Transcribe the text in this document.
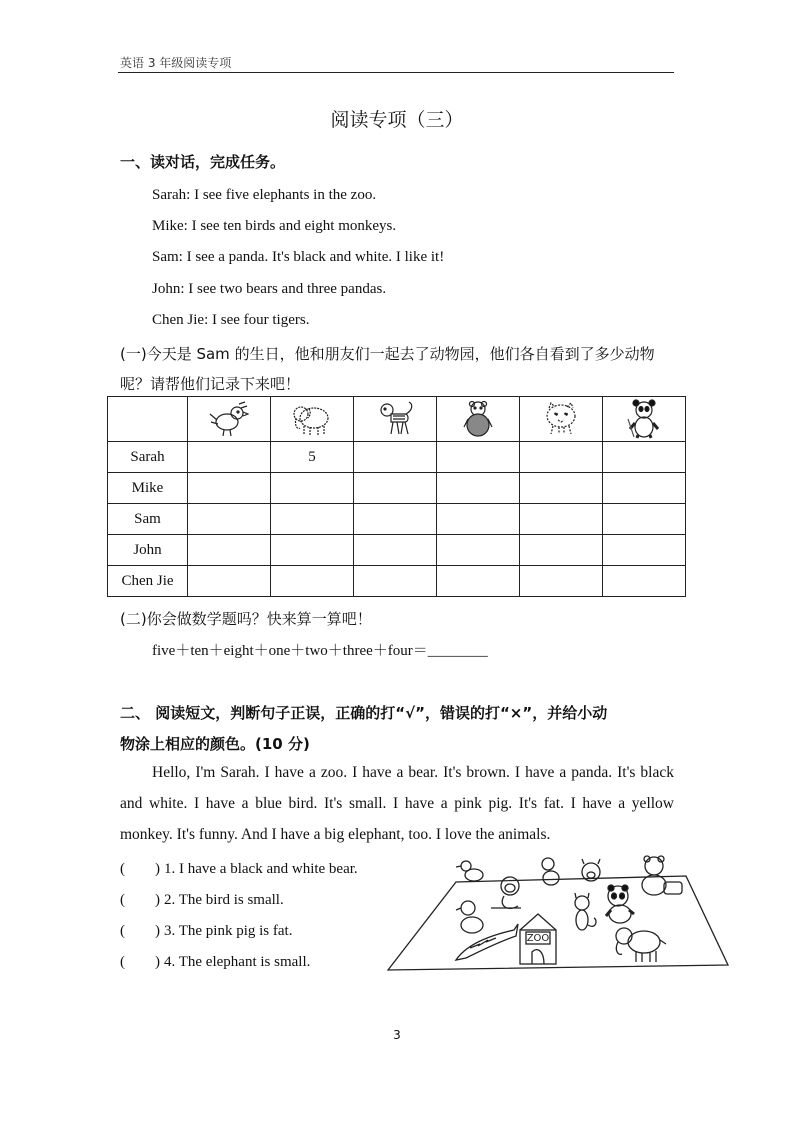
英语 3 年级阅读专项
阅读专项（三）
一、读对话，完成任务。
Sarah: I see five elephants in the zoo.
Mike: I see ten birds and eight monkeys.
Sam: I see a panda. It's black and white. I like it!
John: I see two bears and three pandas.
Chen Jie: I see four tigers.
(一)今天是 Sam 的生日，他和朋友们一起去了动物园，他们各自看到了多少动物
呢？请帮他们记录下来吧！

Sarah		5				
Mike						
Sam						
John						
Chen Jie						
(二)你会做数学题吗？快来算一算吧！
five＋ten＋eight＋one＋two＋three＋four＝________
二、 阅读短文，判断句子正误，正确的打“√”，错误的打“×”，并给小动
物涂上相应的颜色。(10 分)
Hello, I'm Sarah. I have a zoo. I have a bear. It's brown. I have a panda. It's black and white. I have a blue bird. It's small. I have a pink pig. It's fat. I have a yellow monkey. It's funny. And I have a big elephant, too. I love the animals.
(　　) 1. I have a black and white bear.
(　　) 2. The bird is small.
(　　) 3. The pink pig is fat.
(　　) 4. The elephant is small.
ZOO
3
